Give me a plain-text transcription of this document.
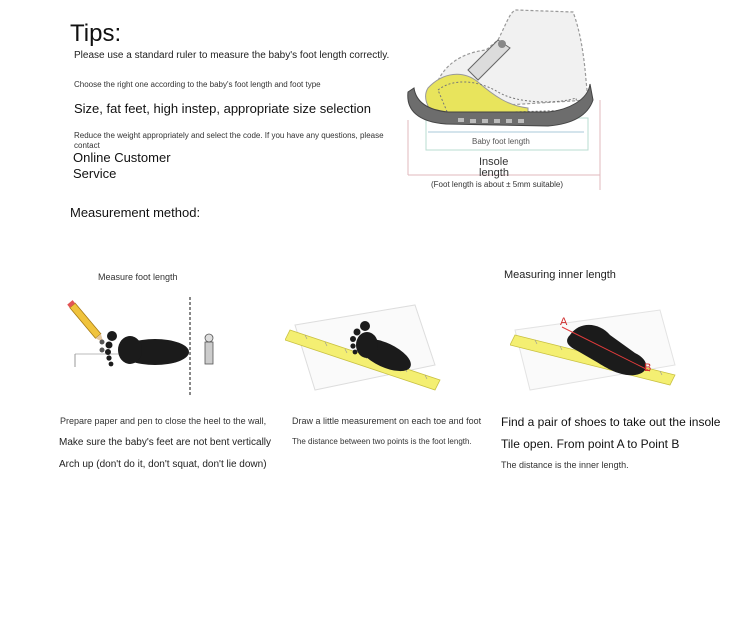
Tips:
Please use a standard ruler to measure the baby's foot length correctly.
Choose the right one according to the baby's foot length and foot type
Size, fat feet, high instep, appropriate size selection
Reduce the weight appropriately and select the code. If you have any questions, please contact
Online Customer Service
Baby foot length
Insole length
(Foot length is about ± 5mm suitable)
Measurement method:
Measure foot length	Measuring inner length
A
B
Prepare paper and pen to close the heel to the wall,
Make sure the baby's feet are not bent vertically
Arch up (don't do it, don't squat, don't lie down)
Draw a little measurement on each toe and foot
The distance between two points is the foot length.
Find a pair of shoes to take out the insole
Tile open. From point A to Point B
The distance is the inner length.
